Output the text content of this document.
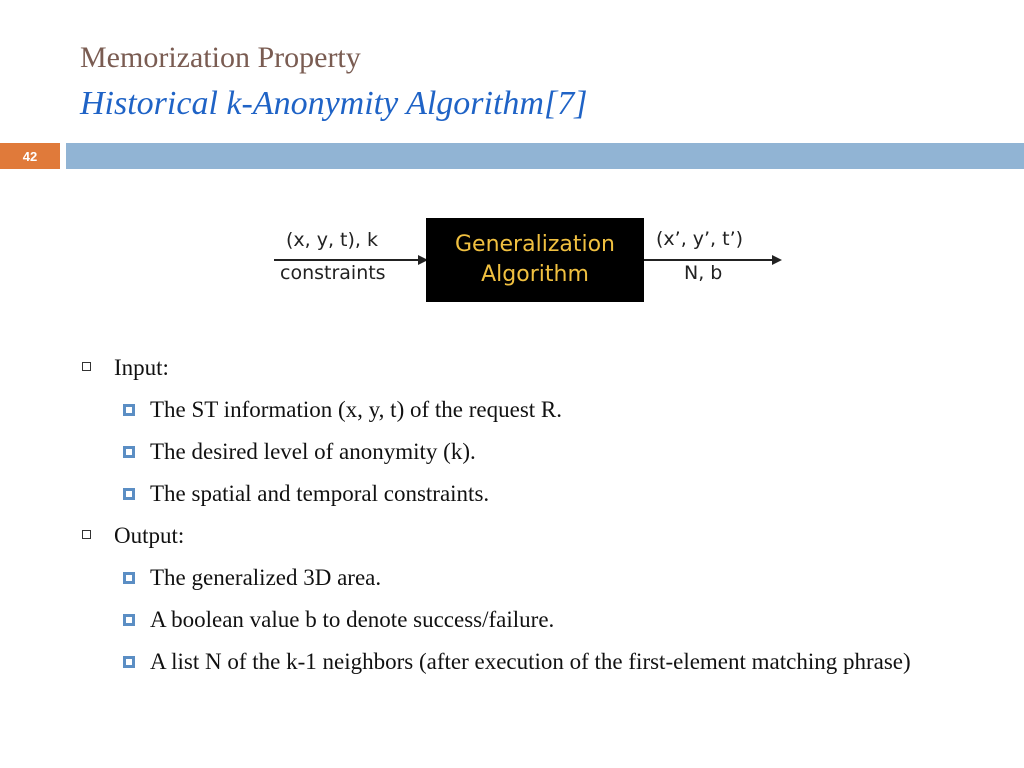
Memorization Property
Historical k-Anonymity Algorithm[7]
42
(x, y, t), k
constraints
Generalization
Algorithm
(x’, y’, t’)
N, b
Input:
The ST information (x, y, t) of the request R.
The desired level of anonymity (k).
The spatial and temporal constraints.
Output:
The generalized 3D area.
A boolean value b to denote success/failure.
A list N of the k-1 neighbors (after execution of the first-element matching phrase)
